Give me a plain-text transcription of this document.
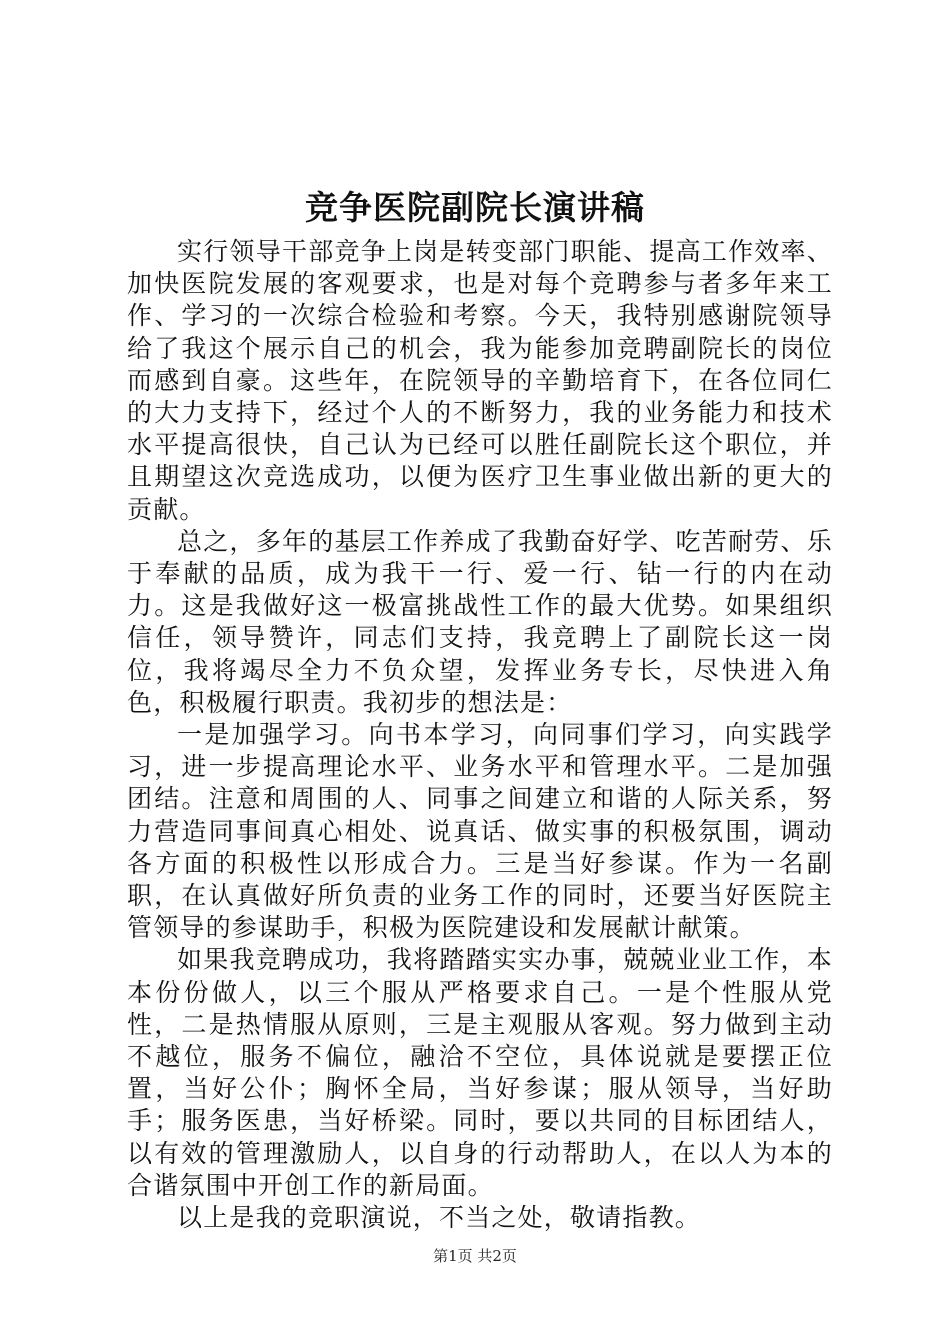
竞争医院副院长演讲稿

实行领导干部竞争上岗是转变部门职能、提高工作效率、加快医院发展的客观要求，也是对每个竞聘参与者多年来工作、学习的一次综合检验和考察。今天，我特别感谢院领导给了我这个展示自己的机会，我为能参加竞聘副院长的岗位而感到自豪。这些年，在院领导的辛勤培育下，在各位同仁的大力支持下，经过个人的不断努力，我的业务能力和技术水平提高很快，自己认为已经可以胜任副院长这个职位，并且期望这次竞选成功，以便为医疗卫生事业做出新的更大的贡献。

总之，多年的基层工作养成了我勤奋好学、吃苦耐劳、乐于奉献的品质，成为我干一行、爱一行、钻一行的内在动力。这是我做好这一极富挑战性工作的最大优势。如果组织信任，领导赞许，同志们支持，我竞聘上了副院长这一岗位，我将竭尽全力不负众望，发挥业务专长，尽快进入角色，积极履行职责。我初步的想法是：

一是加强学习。向书本学习，向同事们学习，向实践学习，进一步提高理论水平、业务水平和管理水平。二是加强团结。注意和周围的人、同事之间建立和谐的人际关系，努力营造同事间真心相处、说真话、做实事的积极氛围，调动各方面的积极性以形成合力。三是当好参谋。作为一名副职，在认真做好所负责的业务工作的同时，还要当好医院主管领导的参谋助手，积极为医院建设和发展献计献策。

如果我竞聘成功，我将踏踏实实办事，兢兢业业工作，本本份份做人，以三个服从严格要求自己。一是个性服从党性，二是热情服从原则，三是主观服从客观。努力做到主动不越位，服务不偏位，融洽不空位，具体说就是要摆正位置，当好公仆；胸怀全局，当好参谋；服从领导，当好助手；服务医患，当好桥梁。同时，要以共同的目标团结人，以有效的管理激励人，以自身的行动帮助人，在以人为本的合谐氛围中开创工作的新局面。

以上是我的竞职演说，不当之处，敬请指教。

第1页 共2页
